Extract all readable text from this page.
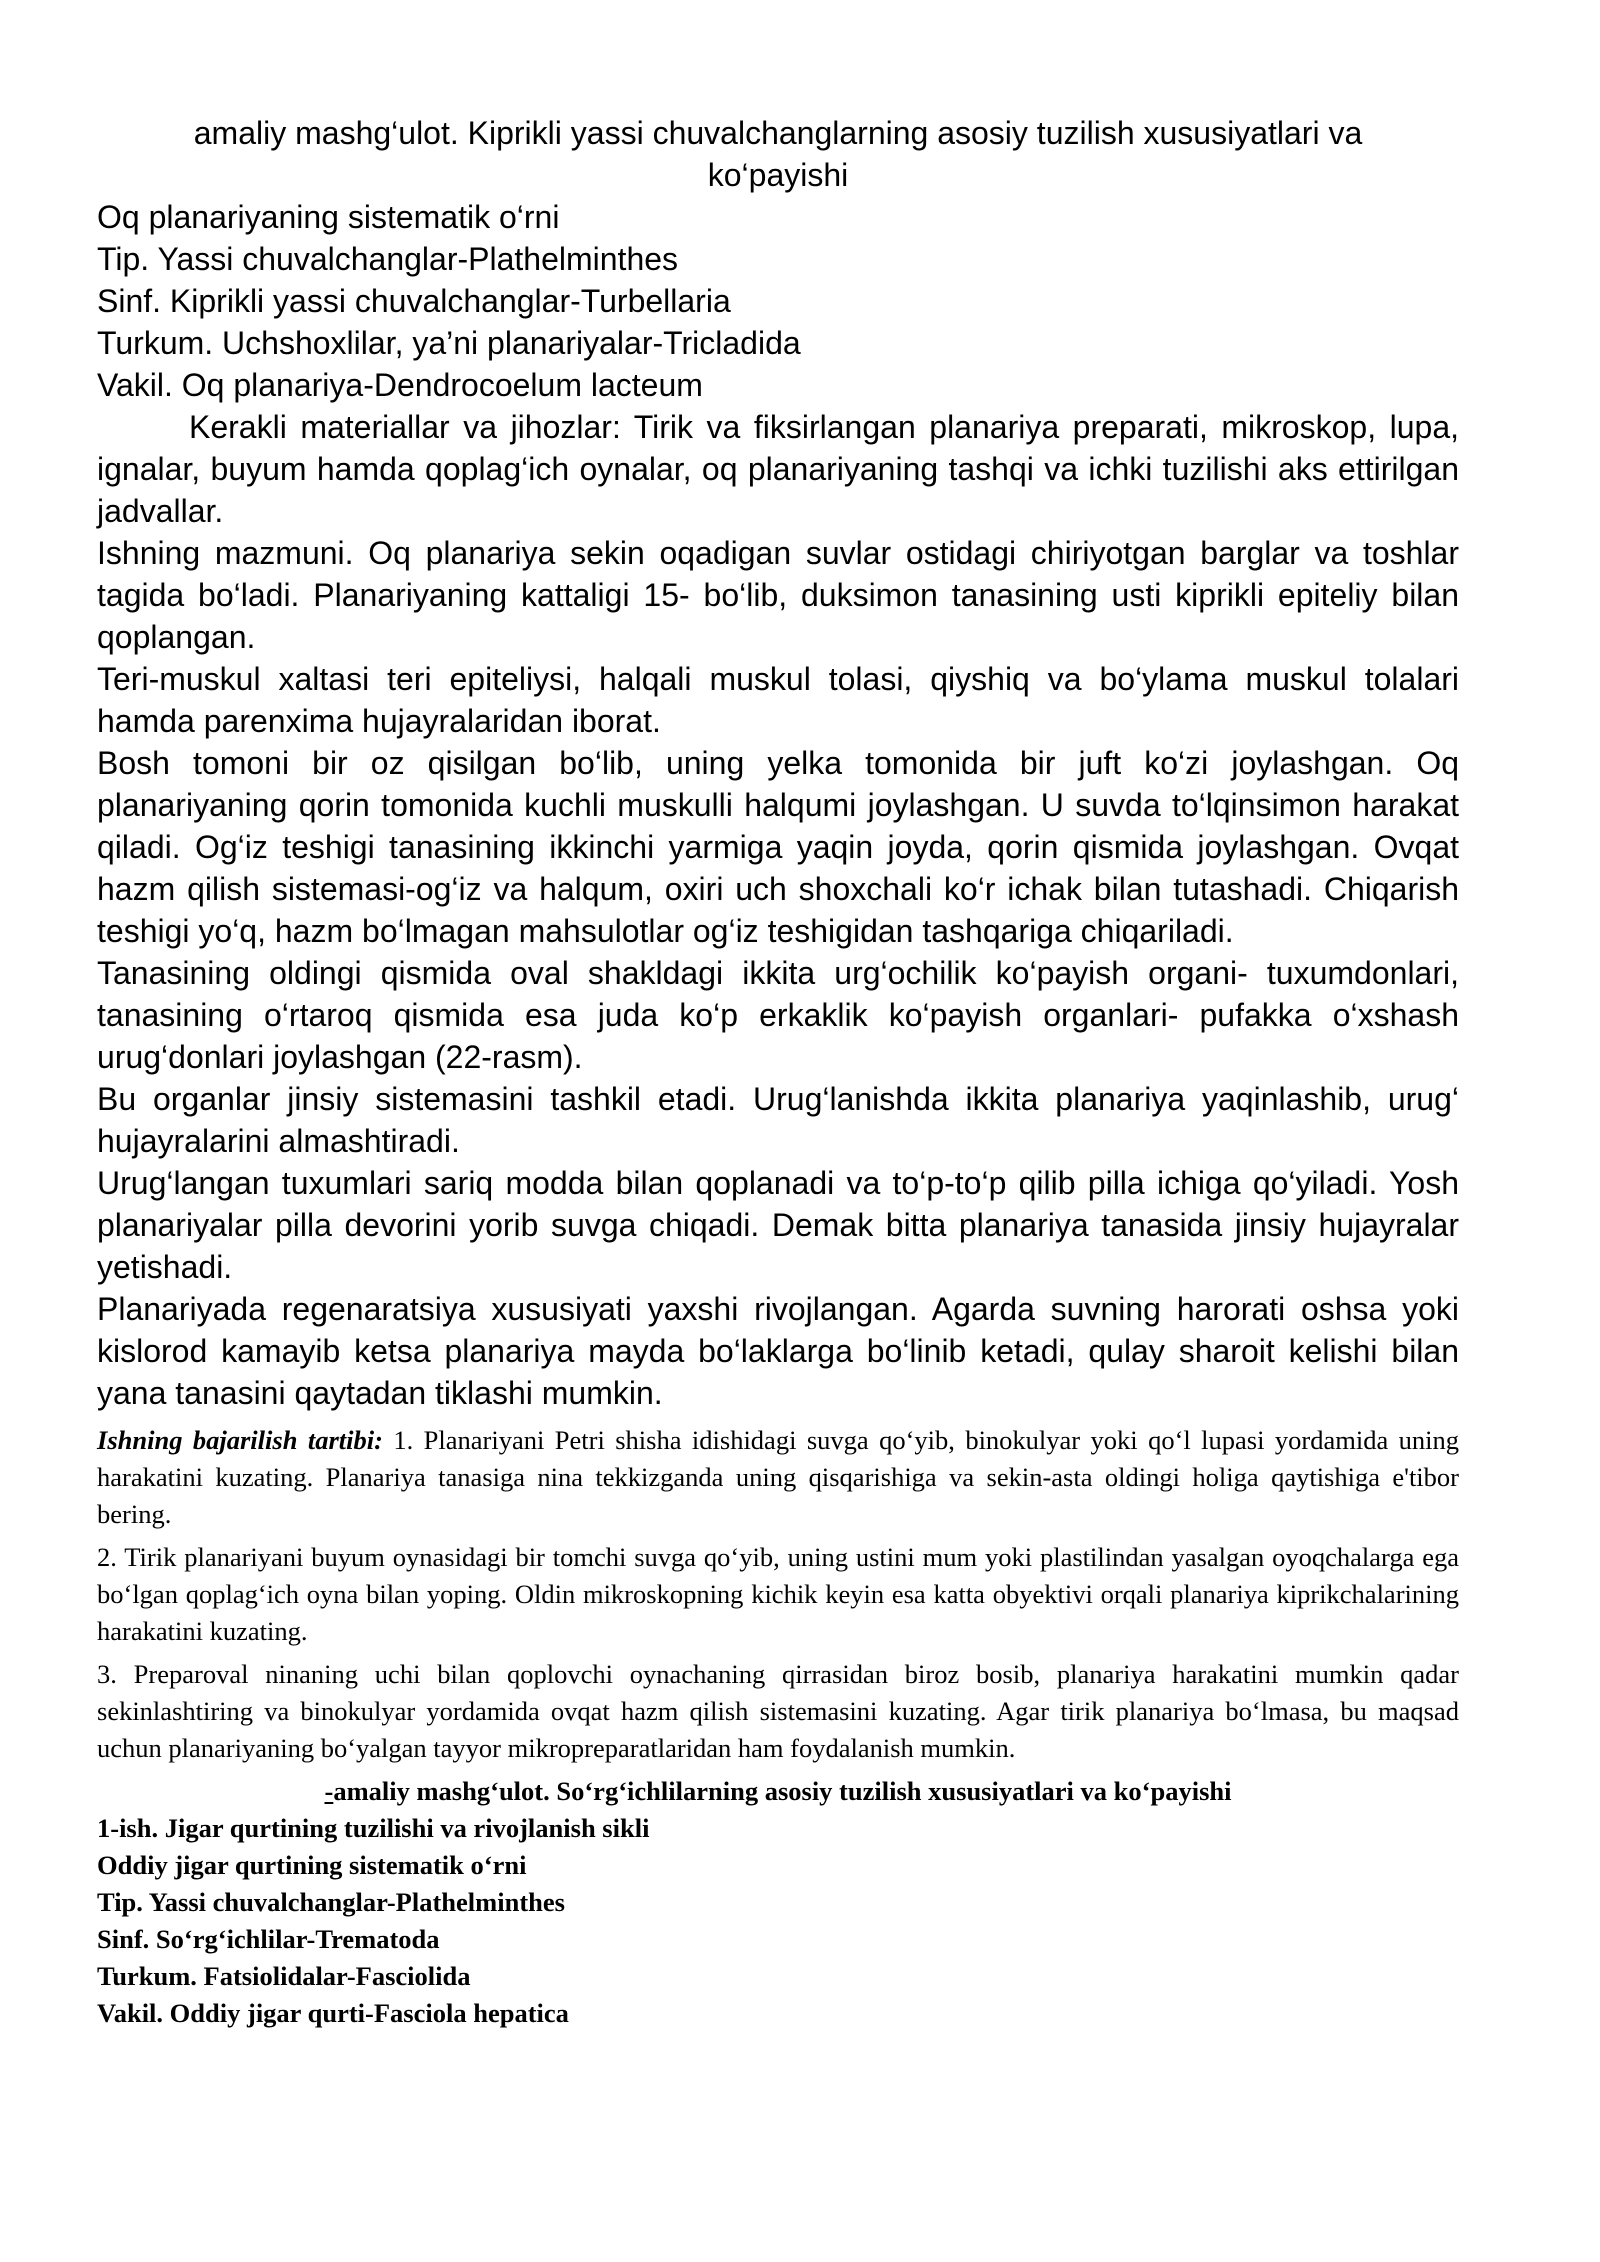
amaliy mashg‘ulot. Kiprikli yassi chuvalchanglarning asosiy tuzilish xususiyatlari va ko‘payishi

Oq planariyaning sistematik o‘rni

Tip. Yassi chuvalchanglar-Plathelminthes

Sinf. Kiprikli yassi chuvalchanglar-Turbellaria

Turkum. Uchshoxlilar, ya’ni planariyalar-Tricladida

Vakil. Oq planariya-Dendrocoelum lacteum

Kerakli materiallar va jihozlar: Tirik va fiksirlangan planariya preparati, mikroskop, lupa, ignalar, buyum hamda qoplag‘ich oynalar, oq planariyaning tashqi va ichki tuzilishi aks ettirilgan jadvallar.

Ishning mazmuni. Oq planariya sekin oqadigan suvlar ostidagi chiriyotgan barglar va toshlar tagida bo‘ladi. Planariyaning kattaligi 15- bo‘lib, duksimon tanasining usti kiprikli epiteliy bilan qoplangan.

Teri-muskul xaltasi teri epiteliysi, halqali muskul tolasi, qiyshiq va bo‘ylama muskul tolalari hamda parenxima hujayralaridan iborat.

Bosh tomoni bir oz qisilgan bo‘lib, uning yelka tomonida bir juft ko‘zi joylashgan. Oq planariyaning qorin tomonida kuchli muskulli halqumi joylashgan. U suvda to‘lqinsimon harakat qiladi. Og‘iz teshigi tanasining ikkinchi yarmiga yaqin joyda, qorin qismida joylashgan. Ovqat hazm qilish sistemasi-og‘iz va halqum, oxiri uch shoxchali ko‘r ichak bilan tutashadi. Chiqarish teshigi yo‘q, hazm bo‘lmagan mahsulotlar og‘iz teshigidan tashqariga chiqariladi.

Tanasining oldingi qismida oval shakldagi ikkita urg‘ochilik ko‘payish organi- tuxumdonlari, tanasining o‘rtaroq qismida esa juda ko‘p erkaklik ko‘payish organlari- pufakka o‘xshash urug‘donlari joylashgan (22-rasm).

Bu organlar jinsiy sistemasini tashkil etadi. Urug‘lanishda ikkita planariya yaqinlashib, urug‘ hujayralarini almashtiradi.

Urug‘langan tuxumlari sariq modda bilan qoplanadi va to‘p-to‘p qilib pilla ichiga qo‘yiladi. Yosh planariyalar pilla devorini yorib suvga chiqadi. Demak bitta planariya tanasida jinsiy hujayralar yetishadi.

Planariyada regenaratsiya xususiyati yaxshi rivojlangan. Agarda suvning harorati oshsa yoki kislorod kamayib ketsa planariya mayda bo‘laklarga bo‘linib ketadi, qulay sharoit kelishi bilan yana tanasini qaytadan tiklashi mumkin.

Ishning bajarilish tartibi: 1. Planariyani Petri shisha idishidagi suvga qo‘yib, binokulyar yoki qo‘l lupasi yordamida uning harakatini kuzating. Planariya tanasiga nina tekkizganda uning qisqarishiga va sekin-asta oldingi holiga qaytishiga e'tibor bering.

2. Tirik planariyani buyum oynasidagi bir tomchi suvga qo‘yib, uning ustini mum yoki plastilindan yasalgan oyoqchalarga ega bo‘lgan qoplag‘ich oyna bilan yoping. Oldin mikroskopning kichik keyin esa katta obyektivi orqali planariya kiprikchalarining harakatini kuzating.

3. Preparoval ninaning uchi bilan qoplovchi oynachaning qirrasidan biroz bosib, planariya harakatini mumkin qadar sekinlashtiring va binokulyar yordamida ovqat hazm qilish sistemasini kuzating. Agar tirik planariya bo‘lmasa, bu maqsad uchun planariyaning bo‘yalgan tayyor mikropreparatlaridan ham foydalanish mumkin.

-amaliy mashg‘ulot. So‘rg‘ichlilarning asosiy tuzilish xususiyatlari va ko‘payishi

1-ish. Jigar qurtining tuzilishi va rivojlanish sikli

Oddiy jigar qurtining sistematik o‘rni

Tip. Yassi chuvalchanglar-Plathelminthes

Sinf. So‘rg‘ichlilar-Trematoda

Turkum. Fatsiolidalar-Fasciolida

Vakil. Oddiy jigar qurti-Fasciola hepatica
